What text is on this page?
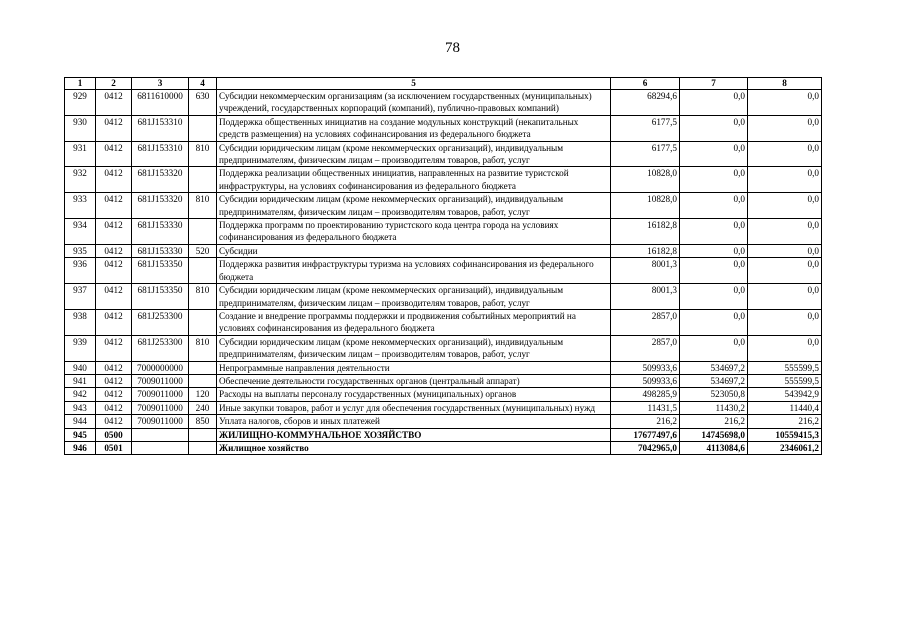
78
1	2	3	4	5	6	7	8
929	0412	6811610000	630	Субсидии некоммерческим организациям (за исключением государственных (муниципальных) учреждений, государственных корпораций (компаний), публично-правовых компаний)	68294,6	0,0	0,0
930	0412	681J153310		Поддержка общественных инициатив на создание модульных конструкций (некапитальных средств размещения) на условиях софинансирования из федерального бюджета	6177,5	0,0	0,0
931	0412	681J153310	810	Субсидии юридическим лицам (кроме некоммерческих организаций), индивидуальным предпринимателям, физическим лицам – производителям товаров, работ, услуг	6177,5	0,0	0,0
932	0412	681J153320		Поддержка реализации общественных инициатив, направленных на развитие туристской инфраструктуры, на условиях софинансирования из федерального бюджета	10828,0	0,0	0,0
933	0412	681J153320	810	Субсидии юридическим лицам (кроме некоммерческих организаций), индивидуальным предпринимателям, физическим лицам – производителям товаров, работ, услуг	10828,0	0,0	0,0
934	0412	681J153330		Поддержка программ по проектированию туристского кода центра города на условиях софинансирования из федерального бюджета	16182,8	0,0	0,0
935	0412	681J153330	520	Субсидии	16182,8	0,0	0,0
936	0412	681J153350		Поддержка развития инфраструктуры туризма на условиях софинансирования из федерального бюджета	8001,3	0,0	0,0
937	0412	681J153350	810	Субсидии юридическим лицам (кроме некоммерческих организаций), индивидуальным предпринимателям, физическим лицам – производителям товаров, работ, услуг	8001,3	0,0	0,0
938	0412	681J253300		Создание и внедрение программы поддержки и продвижения событийных мероприятий на условиях софинансирования из федерального бюджета	2857,0	0,0	0,0
939	0412	681J253300	810	Субсидии юридическим лицам (кроме некоммерческих организаций), индивидуальным предпринимателям, физическим лицам – производителям товаров, работ, услуг	2857,0	0,0	0,0
940	0412	7000000000		Непрограммные направления деятельности	509933,6	534697,2	555599,5
941	0412	7009011000		Обеспечение деятельности государственных органов (центральный аппарат)	509933,6	534697,2	555599,5
942	0412	7009011000	120	Расходы на выплаты персоналу государственных (муниципальных) органов	498285,9	523050,8	543942,9
943	0412	7009011000	240	Иные закупки товаров, работ и услуг для обеспечения государственных (муниципальных) нужд	11431,5	11430,2	11440,4
944	0412	7009011000	850	Уплата налогов, сборов и иных платежей	216,2	216,2	216,2
945	0500			ЖИЛИЩНО-КОММУНАЛЬНОЕ ХОЗЯЙСТВО	17677497,6	14745698,0	10559415,3
946	0501			Жилищное хозяйство	7042965,0	4113084,6	2346061,2
